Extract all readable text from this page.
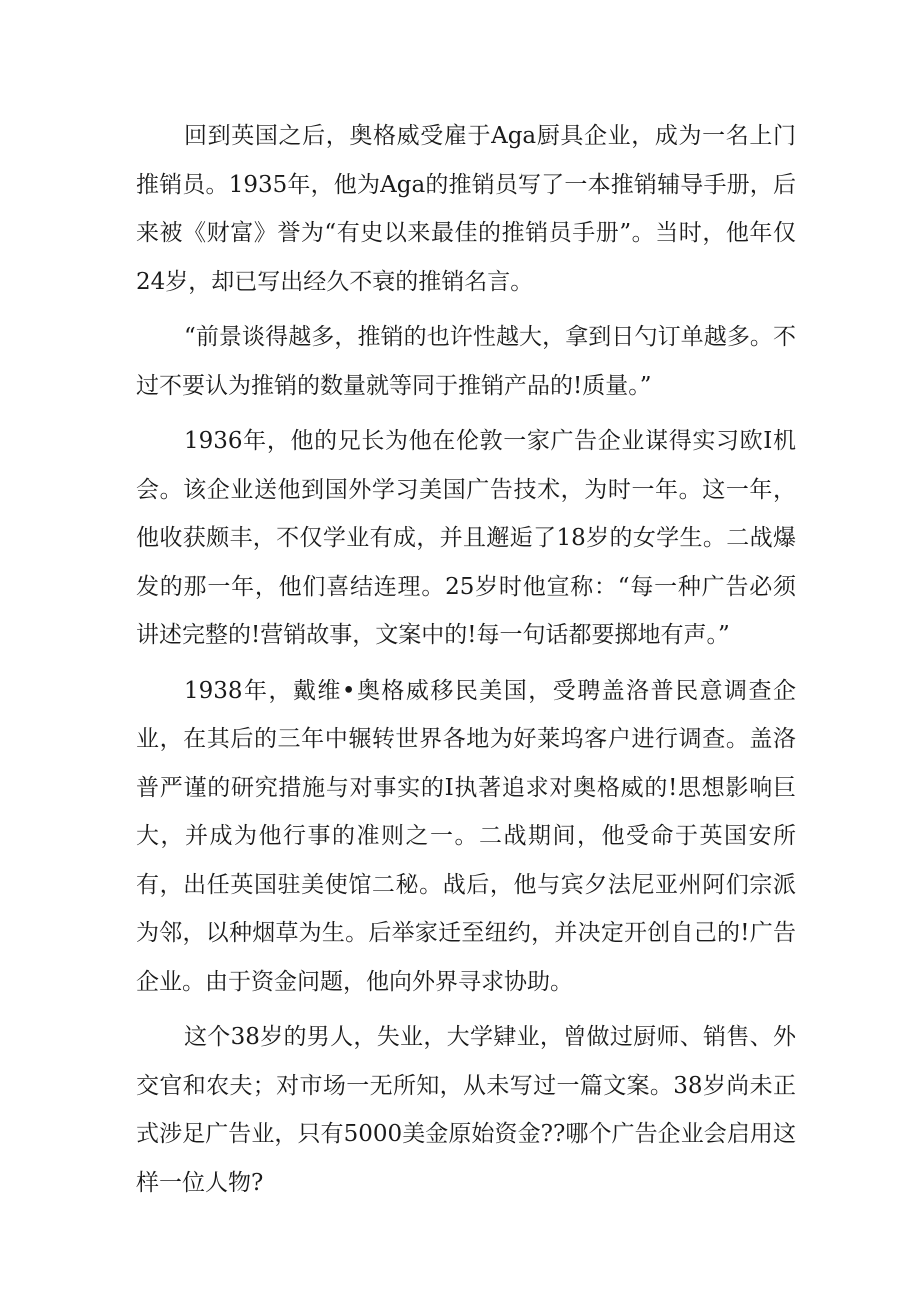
回到英国之后，奥格威受雇于Aga厨具企业，成为一名上门推销员。1935年，他为Aga的推销员写了一本推销辅导手册，后来被《财富》誉为“有史以来最佳的推销员手册”。当时，他年仅24岁，却已写出经久不衰的推销名言。

“前景谈得越多，推销的也许性越大，拿到日勺订单越多。不过不要认为推销的数量就等同于推销产品的!质量。”

1936年，他的兄长为他在伦敦一家广告企业谋得实习欧Ⅰ机会。该企业送他到国外学习美国广告技术，为时一年。这一年，他收获颇丰，不仅学业有成，并且邂逅了18岁的女学生。二战爆发的那一年，他们喜结连理。25岁时他宣称：“每一种广告必须讲述完整的!营销故事，文案中的!每一句话都要掷地有声。”

1938年，戴维•奥格威移民美国，受聘盖洛普民意调查企业，在其后的三年中辗转世界各地为好莱坞客户进行调查。盖洛普严谨的研究措施与对事实的Ⅰ执著追求对奥格威的!思想影响巨大，并成为他行事的准则之一。二战期间，他受命于英国安所有，出任英国驻美使馆二秘。战后，他与宾夕法尼亚州阿们宗派为邻，以种烟草为生。后举家迁至纽约，并决定开创自己的!广告企业。由于资金问题，他向外界寻求协助。

这个38岁的男人，失业，大学肄业，曾做过厨师、销售、外交官和农夫；对市场一无所知，从未写过一篇文案。38岁尚未正式涉足广告业，只有5000美金原始资金??哪个广告企业会启用这样一位人物?
